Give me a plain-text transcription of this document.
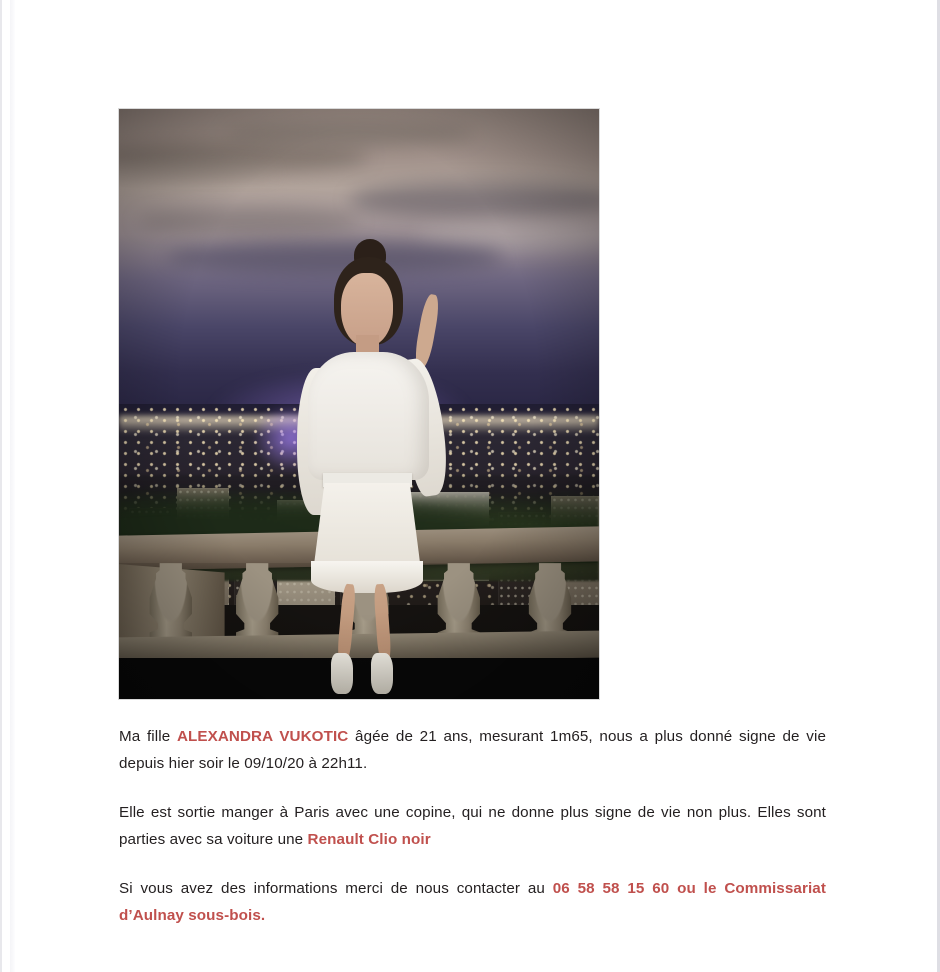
Ma fille ALEXANDRA VUKOTIC âgée de 21 ans, mesurant 1m65, nous a plus donné signe de vie depuis hier soir le 09/10/20 à 22h11.

Elle est sortie manger à Paris avec une copine, qui ne donne plus signe de vie non plus. Elles sont parties avec sa voiture une Renault Clio noir

Si vous avez des informations merci de nous contacter au 06 58 58 15 60 ou le Commissariat d’Aulnay sous-bois.
